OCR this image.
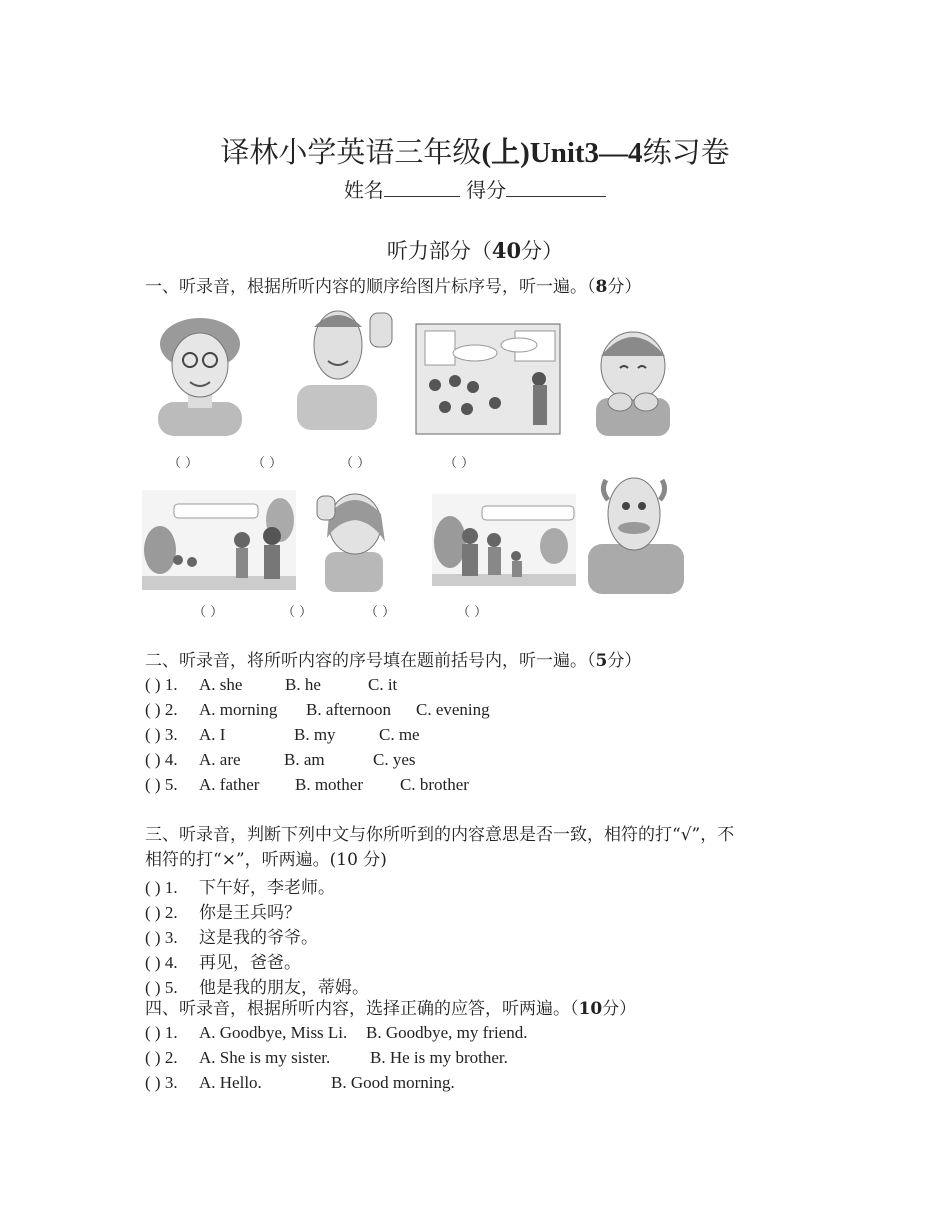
译林小学英语三年级(上)Unit3—4练习卷
姓名	得分
听力部分（40分）
一、听录音，根据所听内容的顺序给图片标序号，听一遍。（8分）
（ ）	（ ）	（ ）	（ ）
（ ）	（ ）	（ ）	（ ）
二、听录音，将所听内容的序号填在题前括号内，听一遍。（5分）
( ) 1. A. she	B. he	C. it
( ) 2. A. morning B. afternoon C. evening
( ) 3. A. I	B. my	C. me
( ) 4. A. are	B. am	C. yes
( ) 5. A. father B. mother C. brother
三、听录音，判断下列中文与你所听到的内容意思是否一致，相符的打“√”，不
相符的打“×”，听两遍。(10 分)
( ) 1. 下午好，李老师。
( ) 2. 你是王兵吗？
( ) 3. 这是我的爷爷。
( ) 4. 再见，爸爸。
( ) 5. 他是我的朋友，蒂姆。
四、听录音，根据所听内容，选择正确的应答，听两遍。（10分）
( ) 1. A. Goodbye, Miss Li. B. Goodbye, my friend.
( ) 2. A. She is my sister. B. He is my brother.
( ) 3. A. Hello.	B. Good morning.
